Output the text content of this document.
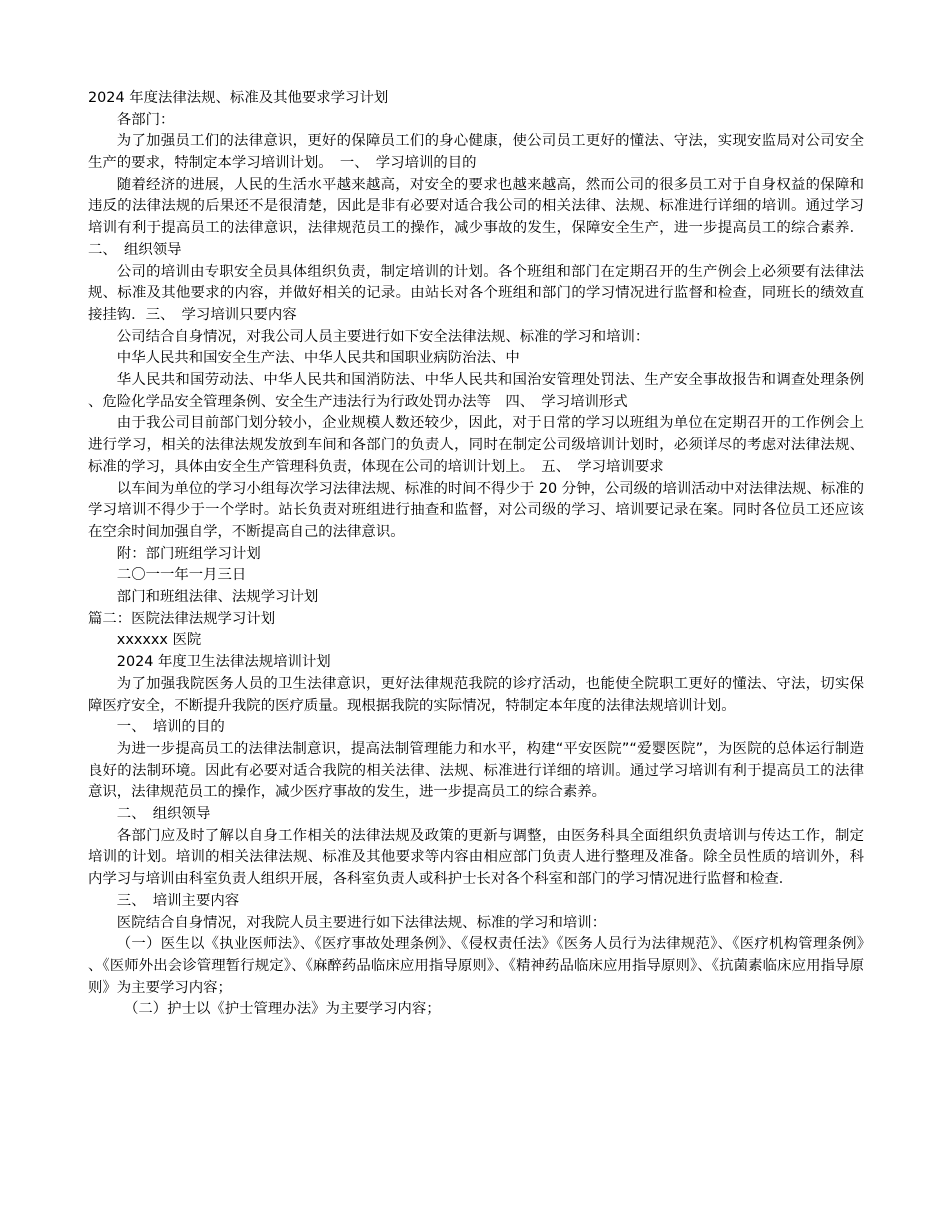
2024 年度法律法规、标准及其他要求学习计划
各部门：
为了加强员工们的法律意识，更好的保障员工们的身心健康，使公司员工更好的懂法、守法，实现安监局对公司安全生产的要求，特制定本学习培训计划。　一、　学习培训的目的
随着经济的进展，人民的生活水平越来越高，对安全的要求也越来越高，然而公司的很多员工对于自身权益的保障和违反的法律法规的后果还不是很清楚，因此是非有必要对适合我公司的相关法律、法规、标准进行详细的培训。通过学习培训有利于提高员工的法律意识，法律规范员工的操作，减少事故的发生，保障安全生产，进一步提高员工的综合素养．二、　组织领导
公司的培训由专职安全员具体组织负责，制定培训的计划。各个班组和部门在定期召开的生产例会上必须要有法律法规、标准及其他要求的内容，并做好相关的记录。由站长对各个班组和部门的学习情况进行监督和检查，同班长的绩效直接挂钩．三、　学习培训只要内容
公司结合自身情况，对我公司人员主要进行如下安全法律法规、标准的学习和培训：
中华人民共和国安全生产法、中华人民共和国职业病防治法、中
华人民共和国劳动法、中华人民共和国消防法、中华人民共和国治安管理处罚法、生产安全事故报告和调查处理条例、危险化学品安全管理条例、安全生产违法行为行政处罚办法等　四、　学习培训形式
由于我公司目前部门划分较小，企业规模人数还较少，因此，对于日常的学习以班组为单位在定期召开的工作例会上进行学习，相关的法律法规发放到车间和各部门的负责人，同时在制定公司级培训计划时，必须详尽的考虑对法律法规、标准的学习，具体由安全生产管理科负责，体现在公司的培训计划上。　五、　学习培训要求
以车间为单位的学习小组每次学习法律法规、标准的时间不得少于 20 分钟，公司级的培训活动中对法律法规、标准的学习培训不得少于一个学时。站长负责对班组进行抽查和监督，对公司级的学习、培训要记录在案。同时各位员工还应该在空余时间加强自学，不断提高自己的法律意识。
附：部门班组学习计划
二〇一一年一月三日
部门和班组法律、法规学习计划
篇二：医院法律法规学习计划
xxxxxx 医院
2024 年度卫生法律法规培训计划
为了加强我院医务人员的卫生法律意识，更好法律规范我院的诊疗活动，也能使全院职工更好的懂法、守法，切实保障医疗安全，不断提升我院的医疗质量。现根据我院的实际情况，特制定本年度的法律法规培训计划。
一、　培训的目的
为进一步提高员工的法律法制意识，提高法制管理能力和水平，构建“平安医院”“爱婴医院”，为医院的总体运行制造良好的法制环境。因此有必要对适合我院的相关法律、法规、标准进行详细的培训。通过学习培训有利于提高员工的法律意识，法律规范员工的操作，减少医疗事故的发生，进一步提高员工的综合素养。
二、　组织领导
各部门应及时了解以自身工作相关的法律法规及政策的更新与调整，由医务科具全面组织负责培训与传达工作，制定培训的计划。培训的相关法律法规、标准及其他要求等内容由相应部门负责人进行整理及准备。除全员性质的培训外，科内学习与培训由科室负责人组织开展，各科室负责人或科护士长对各个科室和部门的学习情况进行监督和检查．
三、　培训主要内容
医院结合自身情况，对我院人员主要进行如下法律法规、标准的学习和培训：
（一）医生以《执业医师法》、《医疗事故处理条例》、《侵权责任法》《医务人员行为法律规范》、《医疗机构管理条例》、《医师外出会诊管理暂行规定》、《麻醉药品临床应用指导原则》、《精神药品临床应用指导原则》、《抗菌素临床应用指导原则》为主要学习内容；
（二）护士以《护士管理办法》为主要学习内容；
